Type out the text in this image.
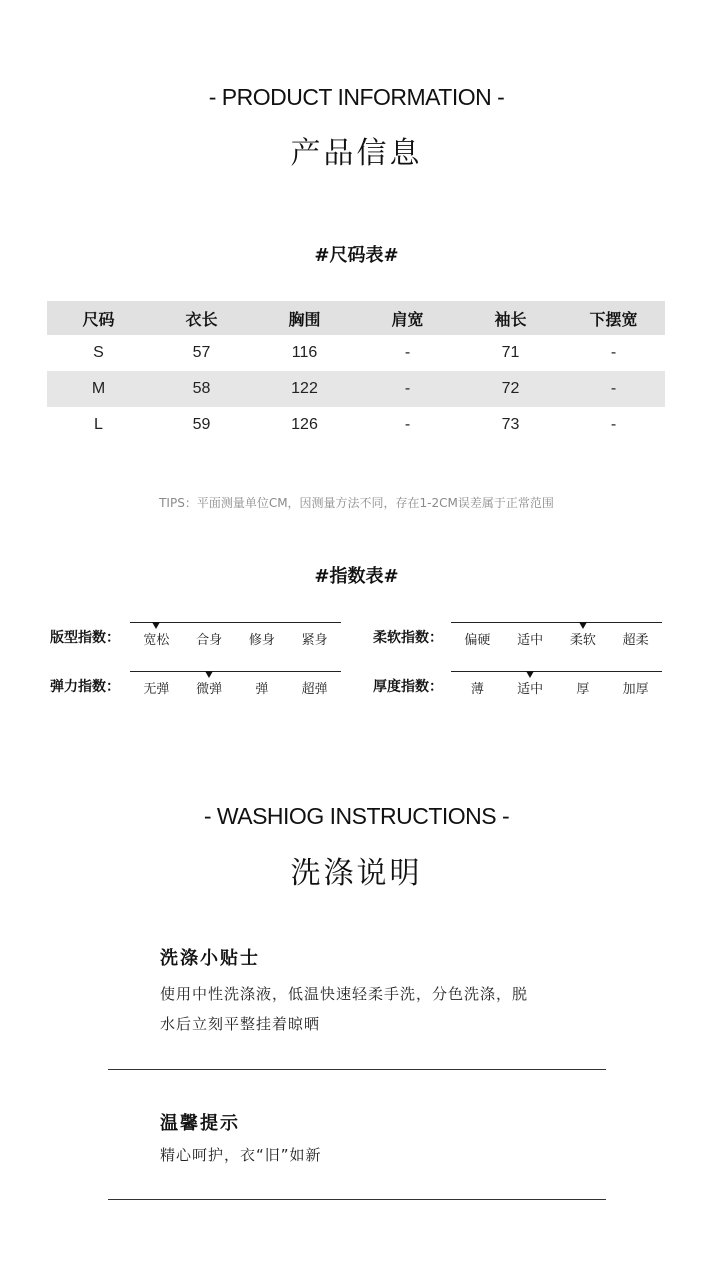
- PRODUCT INFORMATION -
产品信息
#尺码表#
尺码	衣长	胸围	肩宽	袖长	下摆宽
S	57	116	-	71	-
M	58	122	-	72	-
L	59	126	-	73	-
TIPS：平面测量单位CM，因测量方法不同，存在1-2CM误差属于正常范围
#指数表#
版型指数： 宽松 合身 修身 紧身	柔软指数： 偏硬 适中 柔软 超柔
弹力指数： 无弹 微弹	弹	超弹	厚度指数： 薄	适中	厚	加厚
- WASHIOG INSTRUCTIONS -
洗涤说明
洗涤小贴士
使用中性洗涤液，低温快速轻柔手洗，分色洗涤，脱
水后立刻平整挂着晾晒
温馨提示
精心呵护，衣“旧”如新
